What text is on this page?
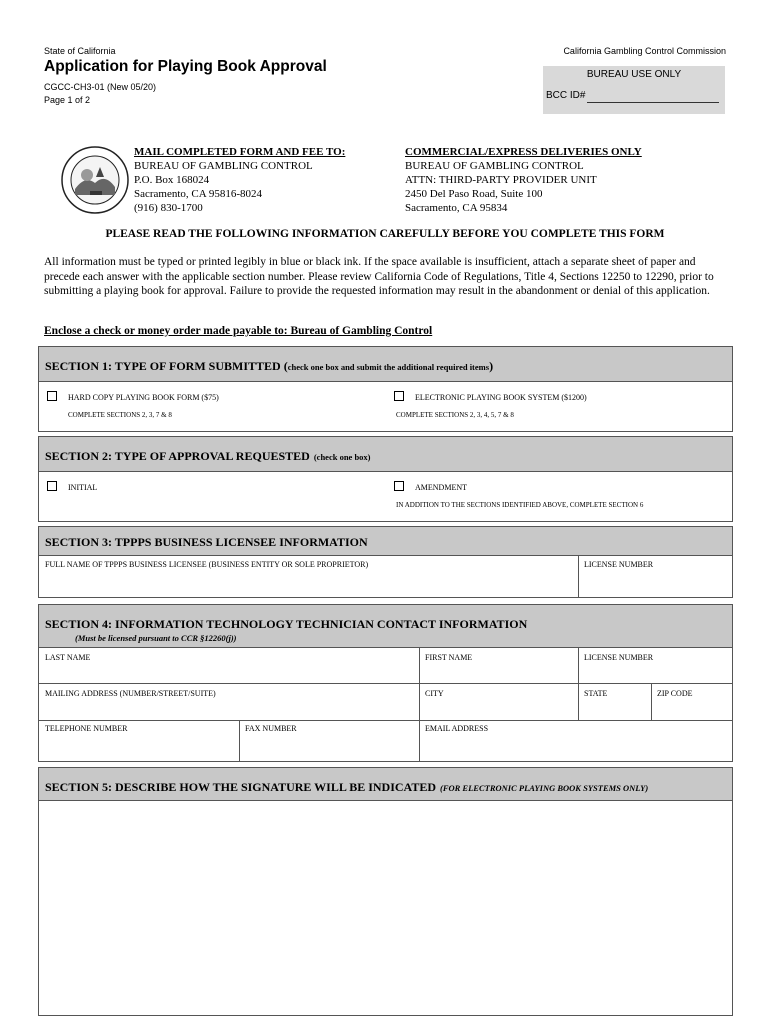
State of California	California Gambling Control Commission
Application for Playing Book Approval
CGCC-CH3-01 (New 05/20)
Page 1 of 2
BUREAU USE ONLY
BCC ID#
MAIL COMPLETED FORM AND FEE TO:
BUREAU OF GAMBLING CONTROL
P.O. Box 168024
Sacramento, CA 95816-8024
(916) 830-1700
COMMERCIAL/EXPRESS DELIVERIES ONLY
BUREAU OF GAMBLING CONTROL
ATTN: THIRD-PARTY PROVIDER UNIT
2450 Del Paso Road, Suite 100
Sacramento, CA 95834
PLEASE READ THE FOLLOWING INFORMATION CAREFULLY BEFORE YOU COMPLETE THIS FORM
All information must be typed or printed legibly in blue or black ink. If the space available is insufficient, attach a separate sheet of paper and precede each answer with the applicable section number. Please review California Code of Regulations, Title 4, Sections 12250 to 12290, prior to submitting a playing book for approval. Failure to provide the requested information may result in the abandonment or denial of this application.
Enclose a check or money order made payable to: Bureau of Gambling Control
SECTION 1: TYPE OF FORM SUBMITTED (check one box and submit the additional required items)
HARD COPY PLAYING BOOK FORM ($75)
COMPLETE SECTIONS 2, 3, 7 & 8
ELECTRONIC PLAYING BOOK SYSTEM ($1200)
COMPLETE SECTIONS 2, 3, 4, 5, 7 & 8
SECTION 2: TYPE OF APPROVAL REQUESTED (check one box)
INITIAL	AMENDMENT
IN ADDITION TO THE SECTIONS IDENTIFIED ABOVE, COMPLETE SECTION 6
SECTION 3: TPPPS BUSINESS LICENSEE INFORMATION
FULL NAME OF TPPPS BUSINESS LICENSEE (BUSINESS ENTITY OR SOLE PROPRIETOR)	LICENSE NUMBER
SECTION 4: INFORMATION TECHNOLOGY TECHNICIAN CONTACT INFORMATION
(Must be licensed pursuant to CCR §12260(j))
LAST NAME	FIRST NAME	LICENSE NUMBER
MAILING ADDRESS (NUMBER/STREET/SUITE)	CITY	STATE	ZIP CODE
TELEPHONE NUMBER	FAX NUMBER	EMAIL ADDRESS
SECTION 5: DESCRIBE HOW THE SIGNATURE WILL BE INDICATED (FOR ELECTRONIC PLAYING BOOK SYSTEMS ONLY)
